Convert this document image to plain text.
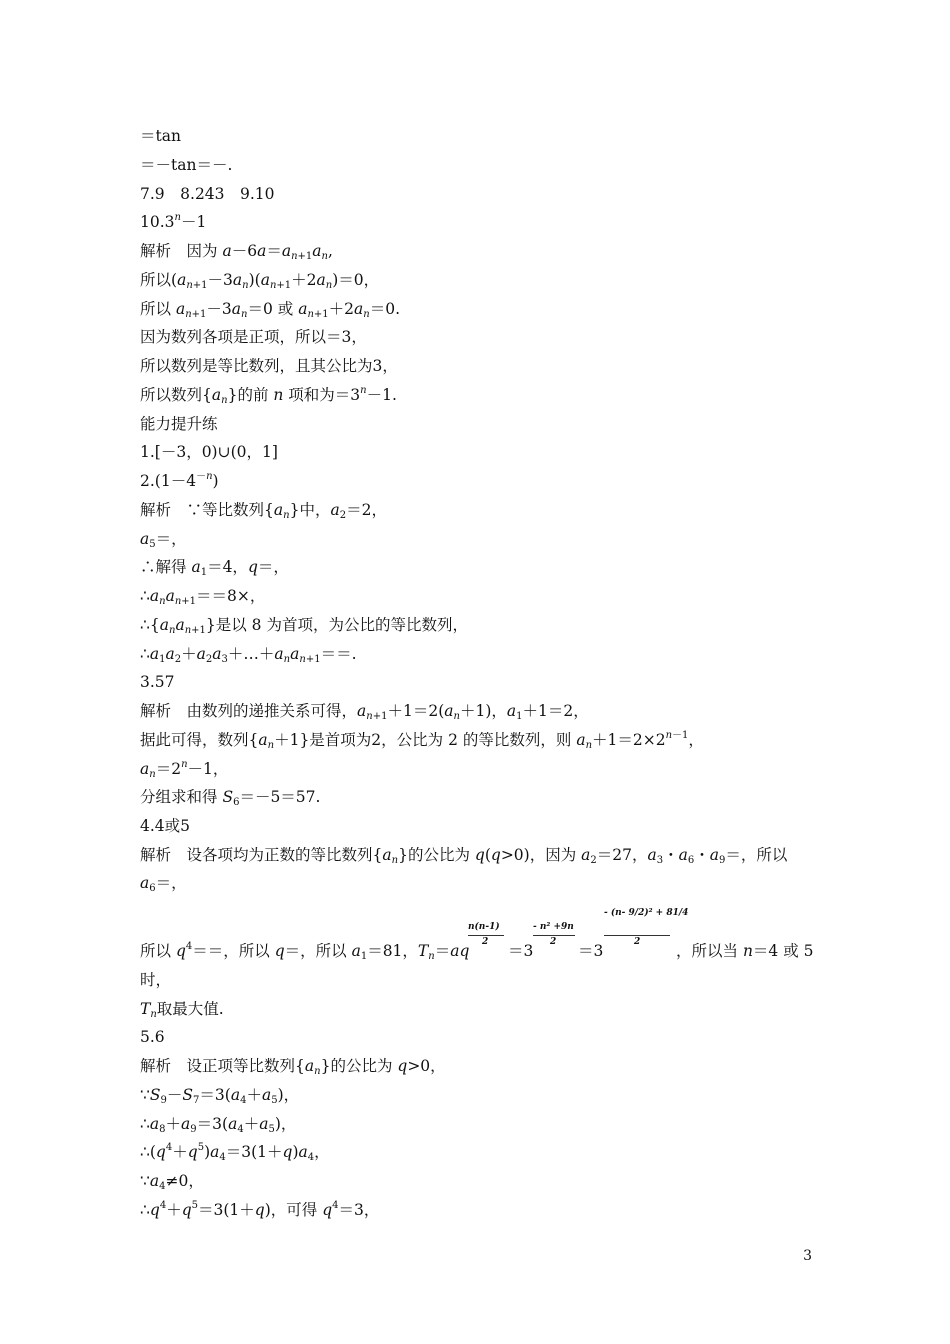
＝tan
＝－tan＝－.
7.9　8.243　9.10
$10.3^n-1$
解析　因为 $a-6a=a_{n+1}a_n$,
所以$(a_{n+1}-3a_n)(a_{n+1}+2a_n)=0$，
所以 $a_{n+1}-3a_n=0$ 或 $a_{n+1}+2a_n=0$.
因为数列各项是正项，所以＝3，
所以数列是等比数列，且其公比为3，
所以数列$\{a_n\}$的前 n 项和为$=3^n-1$.
能力提升练
1.[－3，0)∪(0，1]
$2.(1-4^{-n})$
解析　∵等比数列$\{a_n\}$中，$a_2=2$，
$a_5=$，
∴解得 $a_1=4$，q＝，
$\therefore a_na_{n+1}==8\times$，
$\therefore\{a_na_{n+1}\}$是以 8 为首项，为公比的等比数列，
$\therefore a_1a_2+a_2a_3+\dots+a_na_{n+1}==$.
3.57
解析　由数列的递推关系可得，$a_{n+1}+1=2(a_n+1)$，$a_1+1=2$，
据此可得，数列$\{a_n+1\}$是首项为2，公比为 2 的等比数列，则 $a_n+1=2\times 2^{n-1}$，
$a_n=2^n-1$，
分组求和得 $S_6=-5=57$.
4.4或5
解析　设各项均为正数的等比数列$\{a_n\}$的公比为 q(q>0)，因为 $a_2=27$，$a_3$・$a_6$・$a_9=$，所以
$a_6=$，
所以 $q^4==$，所以 q＝，所以 $a_1=81$，$T_n=aq$
n(n-1)
2 ＝3
- n² +9n
2 ＝3
- (n- 9/2)² + 81/4
2 ，所以当 n＝4 或 5
时，
$T_n$取最大值.
5.6
解析　设正项等比数列$\{a_n\}$的公比为 q>0，
$\because S_9-S_7=3(a_4+a_5)$，
$\therefore a_8+a_9=3(a_4+a_5)$，
$\therefore(q^4+q^5)a_4=3(1+q)a_4$，
$\because a_4\ne 0$，
$\therefore q^4+q^5=3(1+q)$，可得 $q^4=3$，
3
